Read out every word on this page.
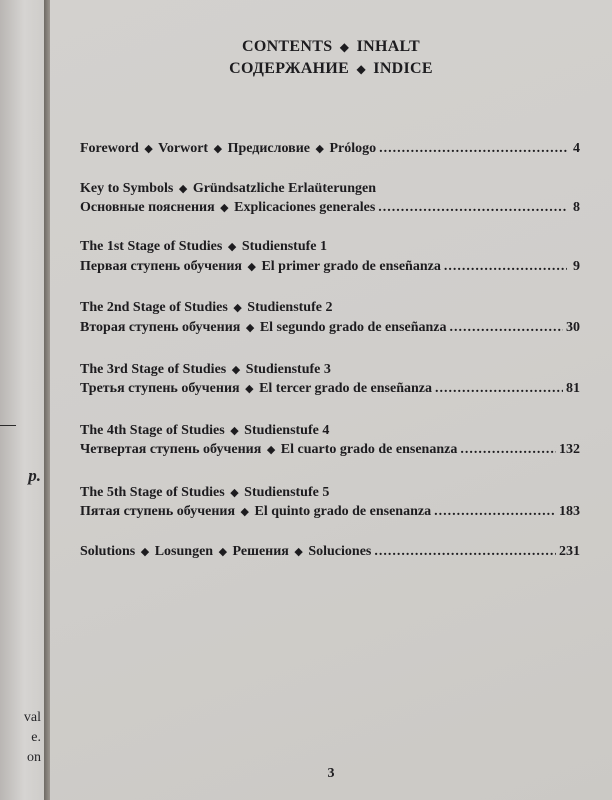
p.
val
e.
on
CONTENTS ◆ INHALT
СОДЕРЖАНИЕ ◆ INDICE
Foreword ◆ Vorwort ◆ Предисловие ◆ Prólogo .....	4
Key to Symbols ◆ Gründsatzliche Erlaüterungen
Основные пояснения ◆ Explicaciones generales .....	8
The 1st Stage of Studies ◆ Studienstufe 1
Первая ступень обучения ◆ El primer grado de enseñanza .....	9
The 2nd Stage of Studies ◆ Studienstufe 2
Вторая ступень обучения ◆ El segundo grado de enseñanza .....	30
The 3rd Stage of Studies ◆ Studienstufe 3
Третья ступень обучения ◆ El tercer grado de enseñanza .....	81
The 4th Stage of Studies ◆ Studienstufe 4
Четвертая ступень обучения ◆ El cuarto grado de ensenanza .....	132
The 5th Stage of Studies ◆ Studienstufe 5
Пятая ступень обучения ◆ El quinto grado de ensenanza .....	183
Solutions ◆ Losungen ◆ Решения ◆ Soluciones .....	231
3
